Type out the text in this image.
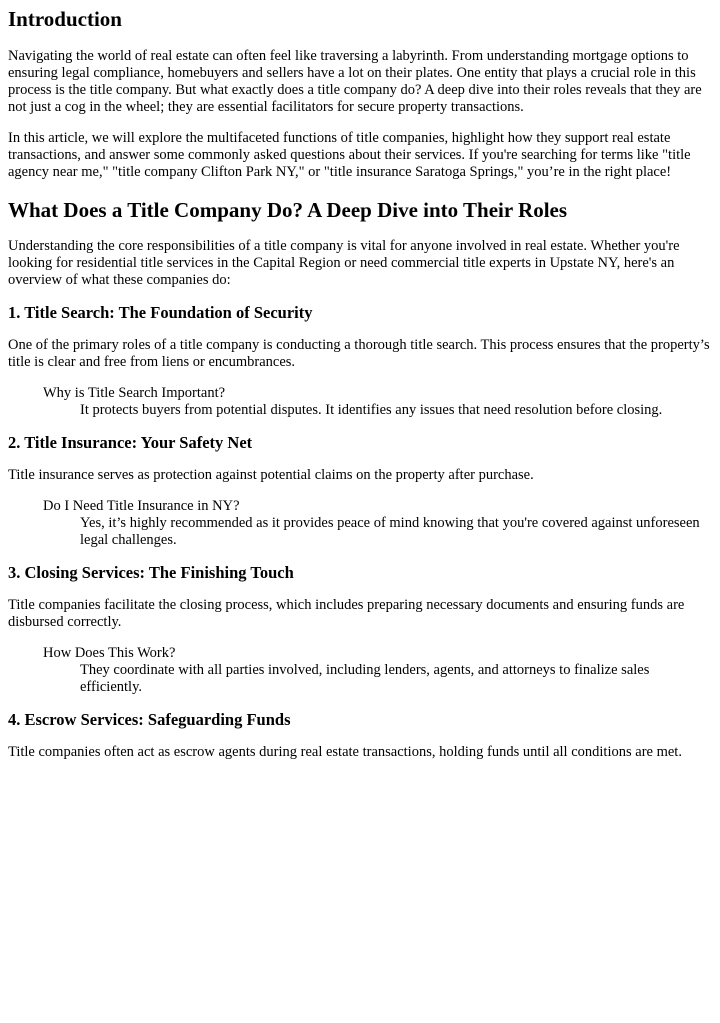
Introduction

Navigating the world of real estate can often feel like traversing a labyrinth. From understanding mortgage options to ensuring legal compliance, homebuyers and sellers have a lot on their plates. One entity that plays a crucial role in this process is the title company. But what exactly does a title company do? A deep dive into their roles reveals that they are not just a cog in the wheel; they are essential facilitators for secure property transactions.

In this article, we will explore the multifaceted functions of title companies, highlight how they support real estate transactions, and answer some commonly asked questions about their services. If you're searching for terms like "title agency near me," "title company Clifton Park NY," or "title insurance Saratoga Springs," you’re in the right place!

What Does a Title Company Do? A Deep Dive into Their Roles

Understanding the core responsibilities of a title company is vital for anyone involved in real estate. Whether you're looking for residential title services in the Capital Region or need commercial title experts in Upstate NY, here's an overview of what these companies do:

1. Title Search: The Foundation of Security

One of the primary roles of a title company is conducting a thorough title search. This process ensures that the property’s title is clear and free from liens or encumbrances.

Why is Title Search Important?
It protects buyers from potential disputes. It identifies any issues that need resolution before closing.
2. Title Insurance: Your Safety Net

Title insurance serves as protection against potential claims on the property after purchase.

Do I Need Title Insurance in NY?
Yes, it’s highly recommended as it provides peace of mind knowing that you're covered against unforeseen legal challenges.
3. Closing Services: The Finishing Touch

Title companies facilitate the closing process, which includes preparing necessary documents and ensuring funds are disbursed correctly.

How Does This Work?
They coordinate with all parties involved, including lenders, agents, and attorneys to finalize sales efficiently.
4. Escrow Services: Safeguarding Funds

Title companies often act as escrow agents during real estate transactions, holding funds until all conditions are met.
